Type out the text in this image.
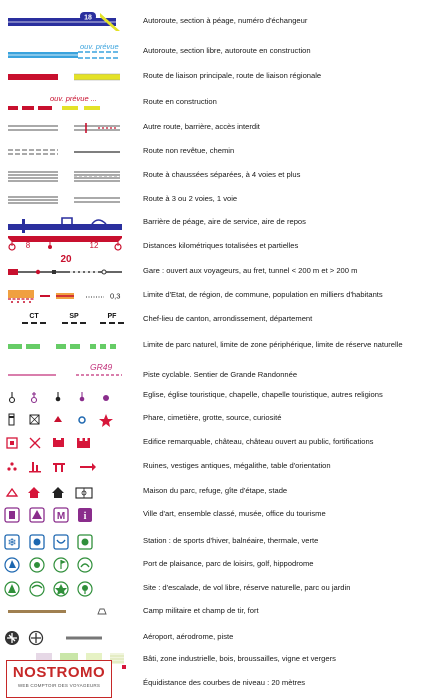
18	Autoroute, section à péage, numéro d'échangeur
ouv. prévue	Autoroute, section libre, autoroute en construction
Route de liaison principale, route de liaison régionale
ouv. prévue ...	Route en construction
Autre route, barrière, accès interdit
Route non revêtue, chemin
Route à chaussées séparées, à 4 voies et plus
Route à 3 ou 2 voies, 1 voie
Barrière de péage, aire de service, aire de repos
8	12
20
Distances kilométriques totalisées et partielles
Gare : ouvert aux voyageurs, au fret, tunnel < 200 m et > 200 m
0,3	Limite d'Etat, de région, de commune, population en milliers d'habitants
CT	SP	PF	Chef-lieu de canton, arrondissement, département
Limite de parc naturel, limite de zone périphérique, limite de réserve naturelle
GR49
Piste cyclable. Sentier de Grande Randonnée
Eglise, église touristique, chapelle, chapelle touristique, autres religions
Phare, cimetière, grotte, source, curiosité
Edifice remarquable, château, château ouvert au public, fortifications
Ruines, vestiges antiques, mégalithe, table d'orientation
Maison du parc, refuge, gîte d'étape, stade
M i	Ville d'art, ensemble classé, musée, office du tourisme
❄	Station : de sports d'hiver, balnéaire, thermale, verte
Port de plaisance, parc de loisirs, golf, hippodrome
Site : d'escalade, de vol libre, réserve naturelle, parc ou jardin
Camp militaire et champ de tir, fort
Aéroport, aérodrome, piste
Bâti, zone industrielle, bois, broussailles, vigne et vergers
Équidistance des courbes de niveau : 20 mètres
NOSTROMO
WEB COMPTOIR DES VOYAGEURS
